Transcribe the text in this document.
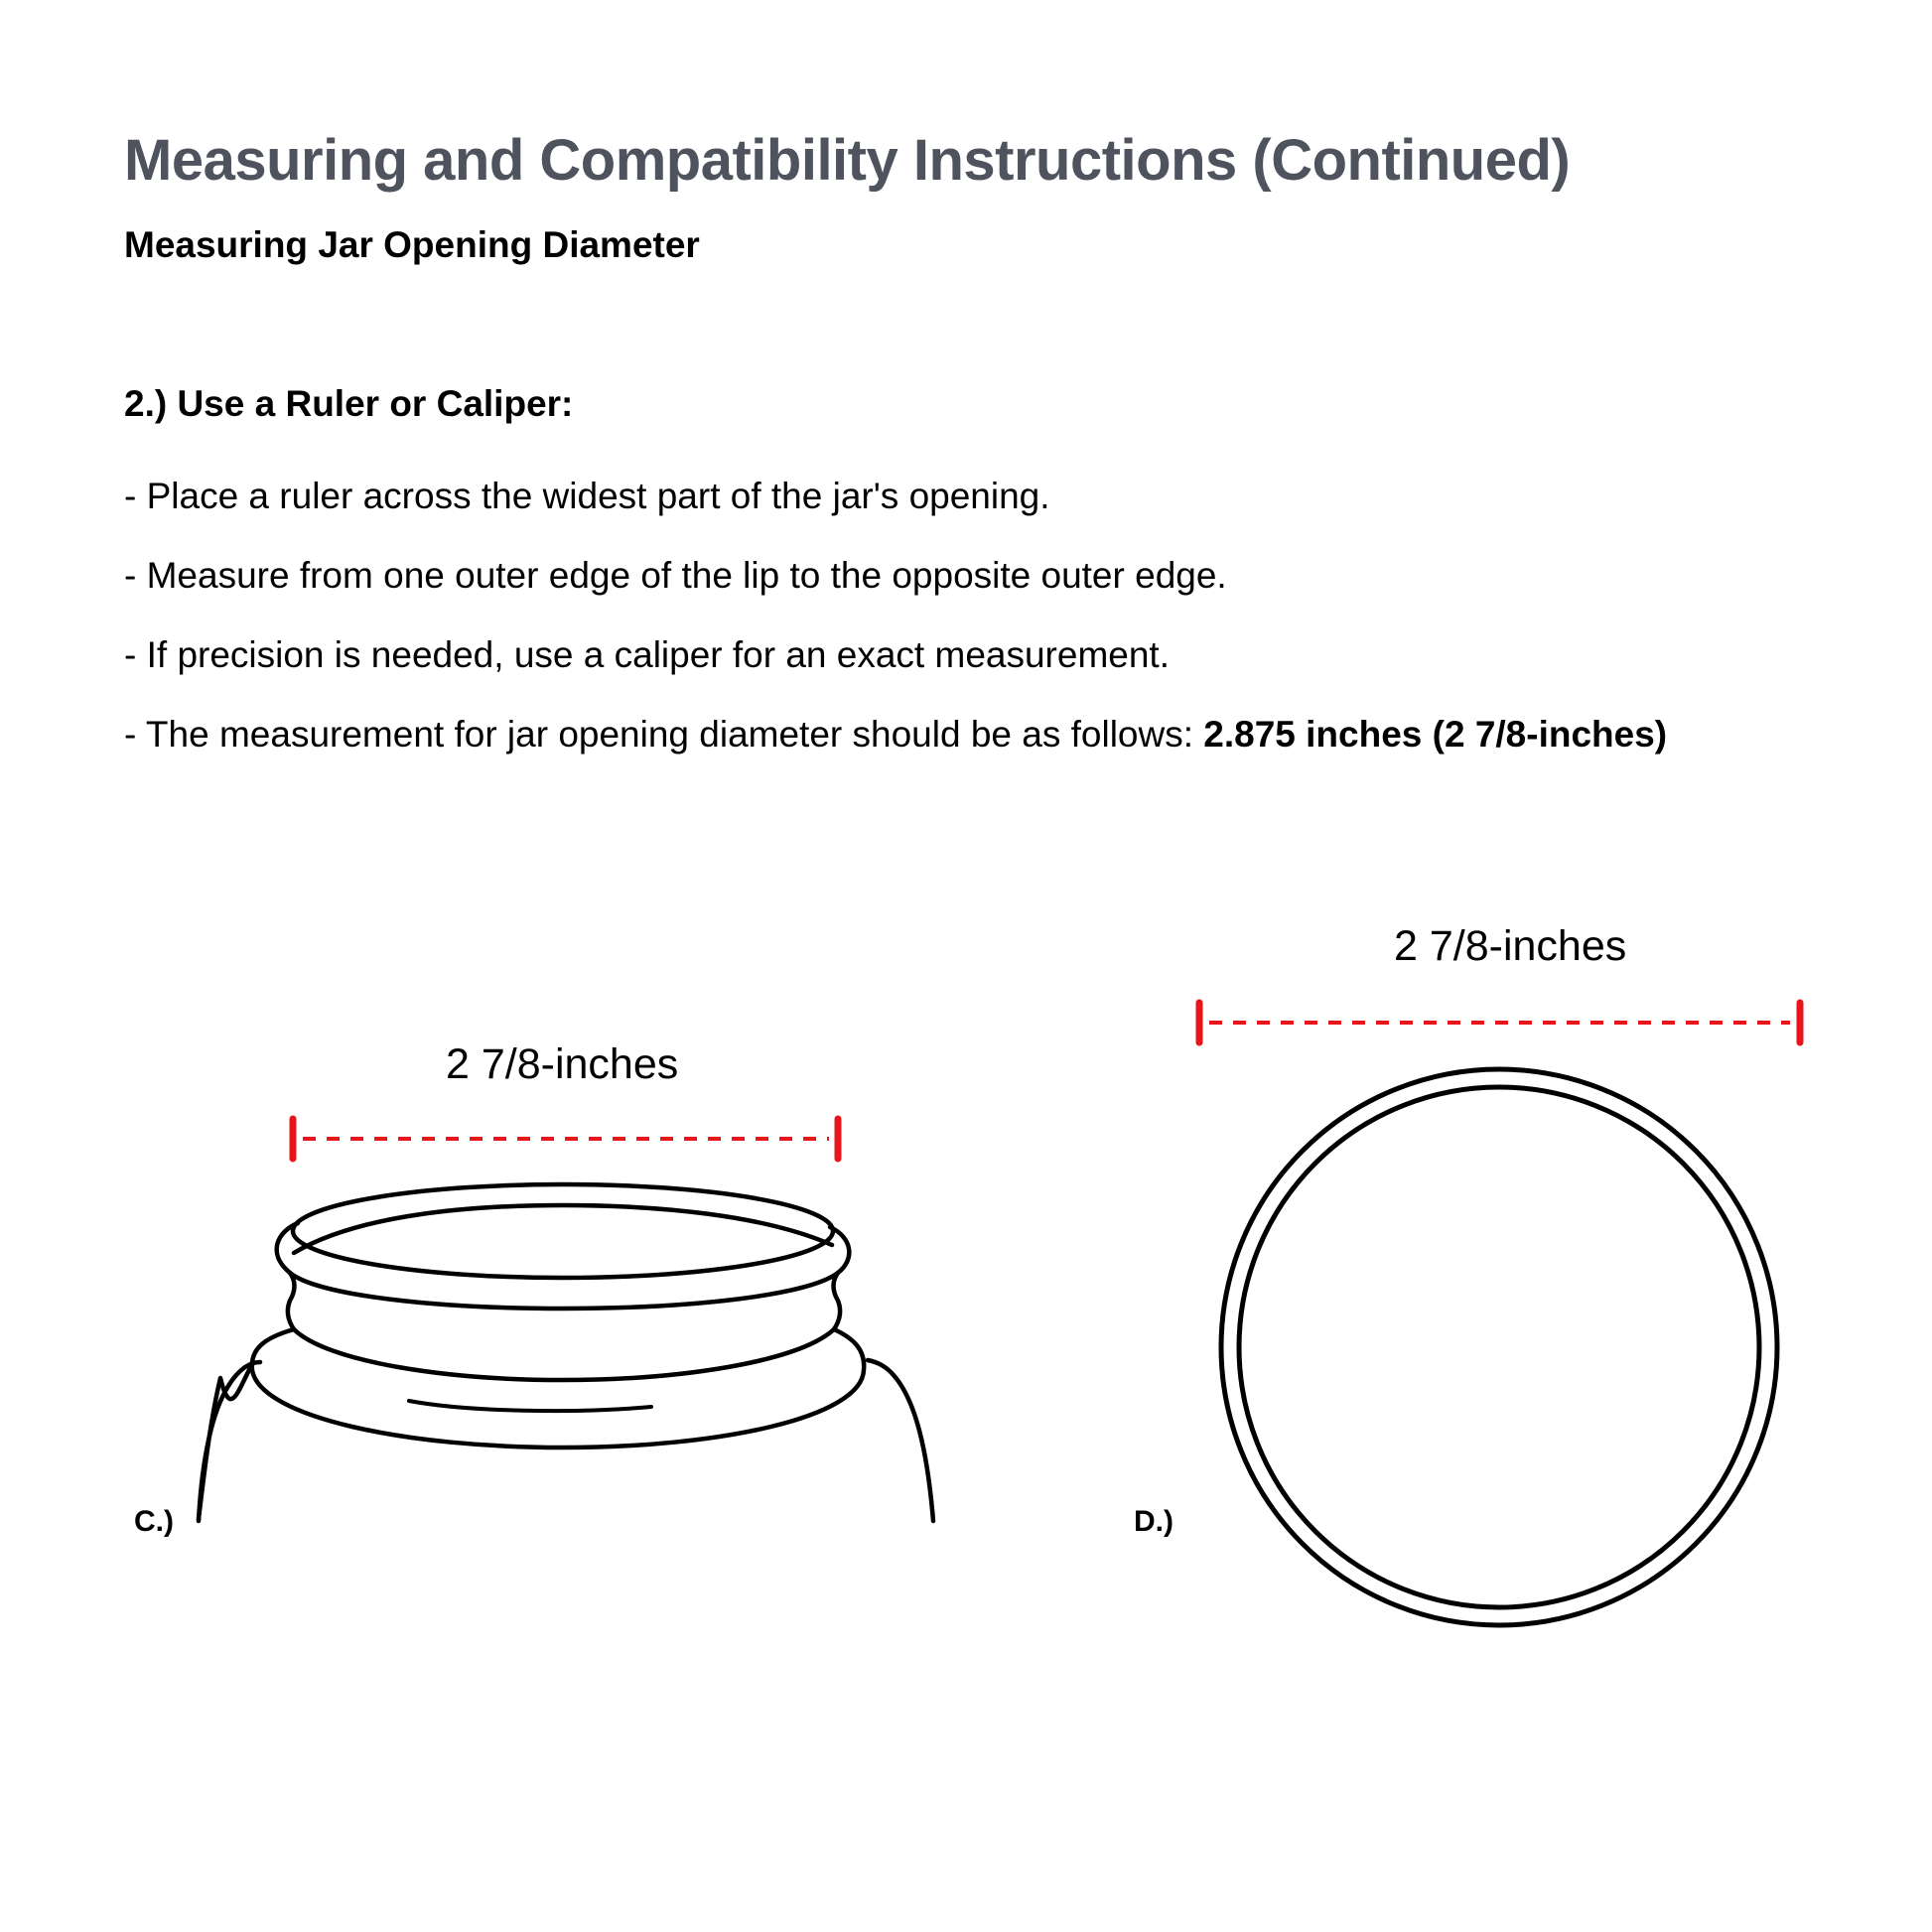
Measuring and Compatibility Instructions (Continued)
Measuring Jar Opening Diameter
2.) Use a Ruler or Caliper:
- Place a ruler across the widest part of the jar's opening.
- Measure from one outer edge of the lip to the opposite outer edge.
- If precision is needed, use a caliper for an exact measurement.
- The measurement for jar opening diameter should be as follows: 2.875 inches (2 7/8-inches)
2 7/8-inches
2 7/8-inches
C.)	D.)
